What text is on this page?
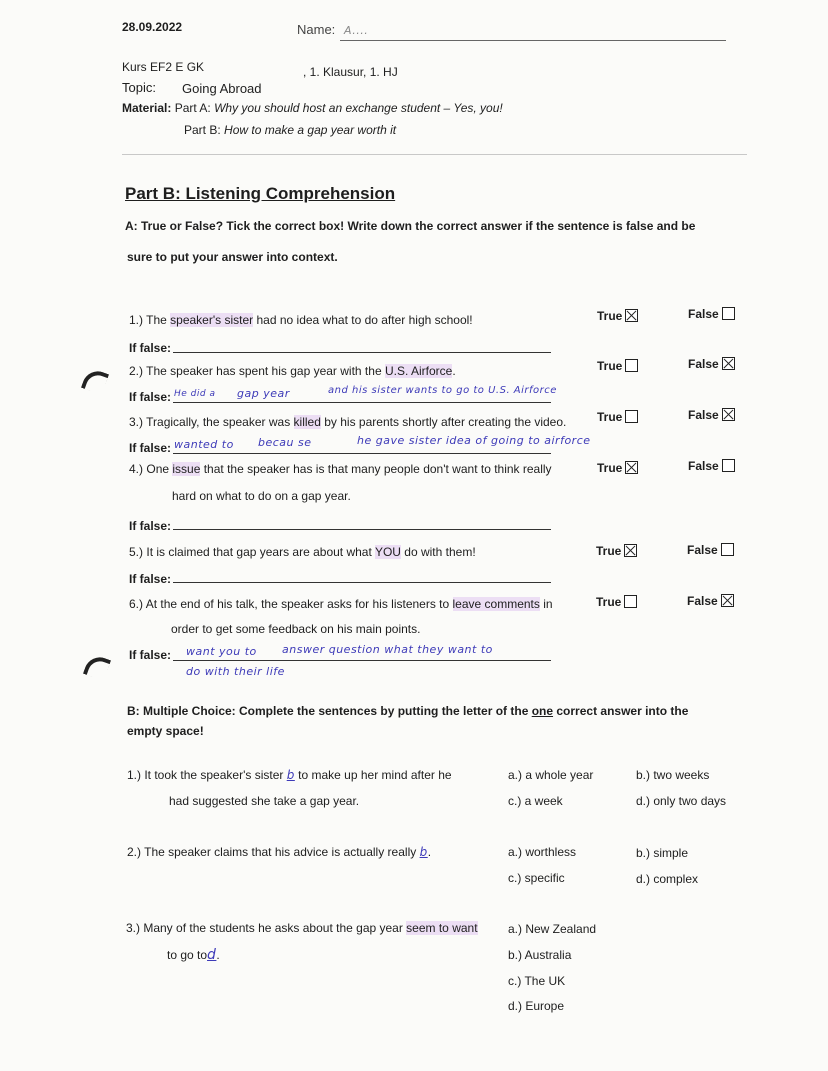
28.09.2022	Name: A....
Kurs EF2 E GK	, 1. Klausur, 1. HJ
Topic: Going Abroad
Material: Part A: Why you should host an exchange student – Yes, you!
Part B: How to make a gap year worth it
Part B: Listening Comprehension
A: True or False? Tick the correct box! Write down the correct answer if the sentence is false and be
sure to put your answer into context.
1.) The speaker's sister had no idea what to do after high school!	True	False
If false:
2.) The speaker has spent his gap year with the U.S. Airforce.	True	False
If false: He did a gap year	and his sister wants to go to U.S. Airforce
3.) Tragically, the speaker was killed by his parents shortly after creating the video.	True	False
If false: wanted to becau se	he gave sister idea of going to airforce
4.) One issue that the speaker has is that many people don't want to think really
hard on what to do on a gap year.
True	False
If false:
5.) It is claimed that gap years are about what YOU do with them!	True	False
If false:
6.) At the end of his talk, the speaker asks for his listeners to leave comments in
order to get some feedback on his main points.
True	False
If false: want you to answer question what they want to
do with their life
B: Multiple Choice: Complete the sentences by putting the letter of the one correct answer into the
empty space!
1.) It took the speaker's sister b to make up her mind after he
had suggested she take a gap year.
a.) a whole year	b.) two weeks
c.) a week	d.) only two days
2.) The speaker claims that his advice is actually really b.	a.) worthless	b.) simple
c.) specific	d.) complex
3.) Many of the students he asks about the gap year seem to want
to go tod.
a.) New Zealand
b.) Australia
c.) The UK
d.) Europe
